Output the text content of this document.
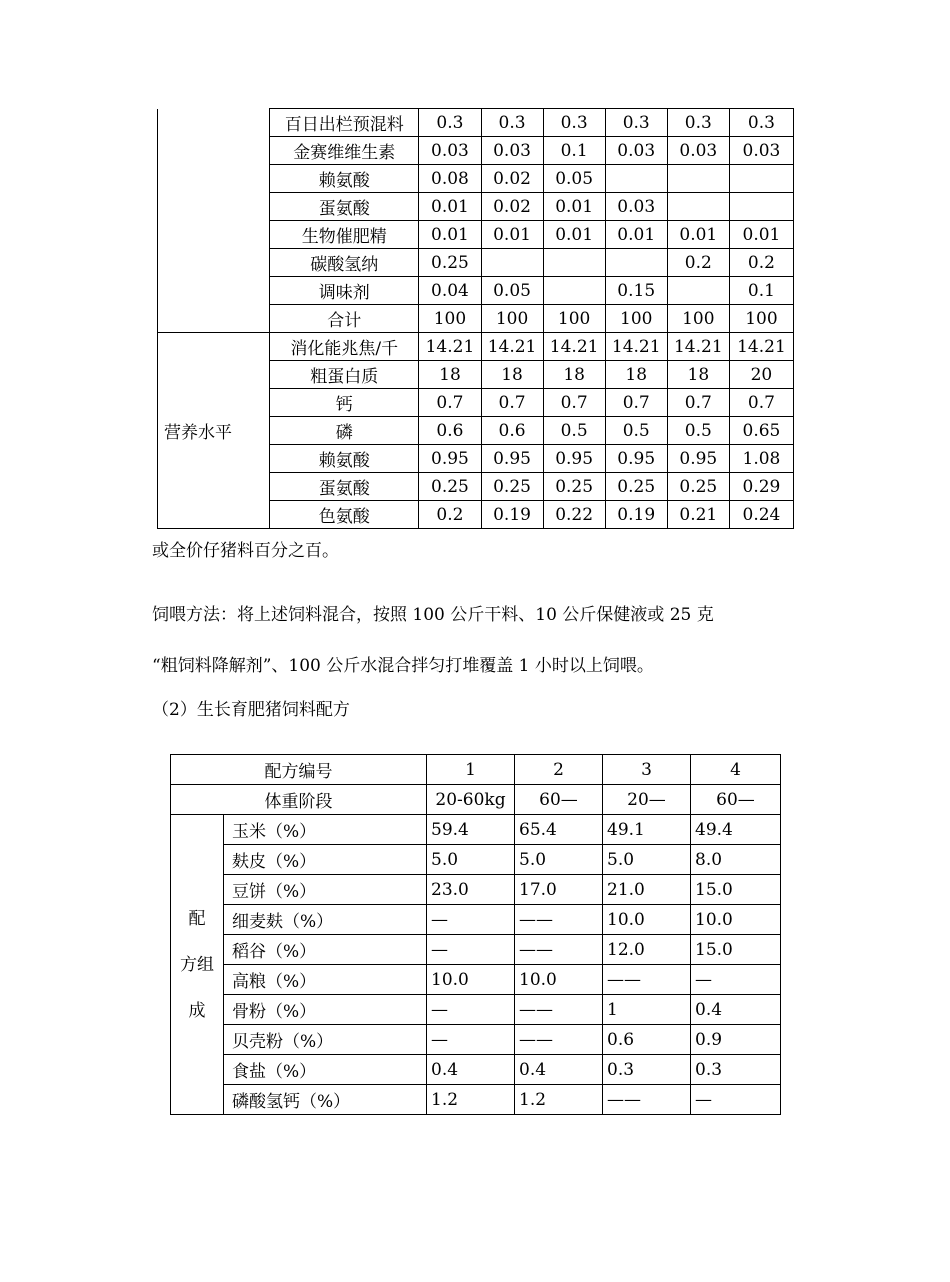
	百日出栏预混料	0.3	0.3	0.3	0.3	0.3	0.3
	金赛维维生素	0.03	0.03	0.1	0.03	0.03	0.03
	赖氨酸	0.08	0.02	0.05			
	蛋氨酸	0.01	0.02	0.01	0.03		
	生物催肥精	0.01	0.01	0.01	0.01	0.01	0.01
	碳酸氢纳	0.25				0.2	0.2
	调味剂	0.04	0.05		0.15		0.1
	合计	100	100	100	100	100	100
营养水平	消化能兆焦/千	14.21	14.21	14.21	14.21	14.21	14.21
	粗蛋白质	18	18	18	18	18	20
	钙	0.7	0.7	0.7	0.7	0.7	0.7
	磷	0.6	0.6	0.5	0.5	0.5	0.65
	赖氨酸	0.95	0.95	0.95	0.95	0.95	1.08
	蛋氨酸	0.25	0.25	0.25	0.25	0.25	0.29
	色氨酸	0.2	0.19	0.22	0.19	0.21	0.24
或全价仔猪料百分之百。
饲喂方法：将上述饲料混合，按照 100 公斤干料、10 公斤保健液或 25 克
“粗饲料降解剂”、100 公斤水混合拌匀打堆覆盖 1 小时以上饲喂。
（2）生长育肥猪饲料配方
配方编号		1	2	3	4
体重阶段		20-60kg	60—	20—	60—

配
方组
成	玉米（%）	59.4	65.4	49.1	49.4
	麸皮（%）	5.0	5.0	5.0	8.0
	豆饼（%）	23.0	17.0	21.0	15.0
	细麦麸（%）	—	——	10.0	10.0
	稻谷（%）	—	——	12.0	15.0
	高粮（%）	10.0	10.0	——	—
	骨粉（%）	—	——	1	0.4
	贝壳粉（%）	—	——	0.6	0.9
	食盐（%）	0.4	0.4	0.3	0.3
	磷酸氢钙（%）	1.2	1.2	——	—
